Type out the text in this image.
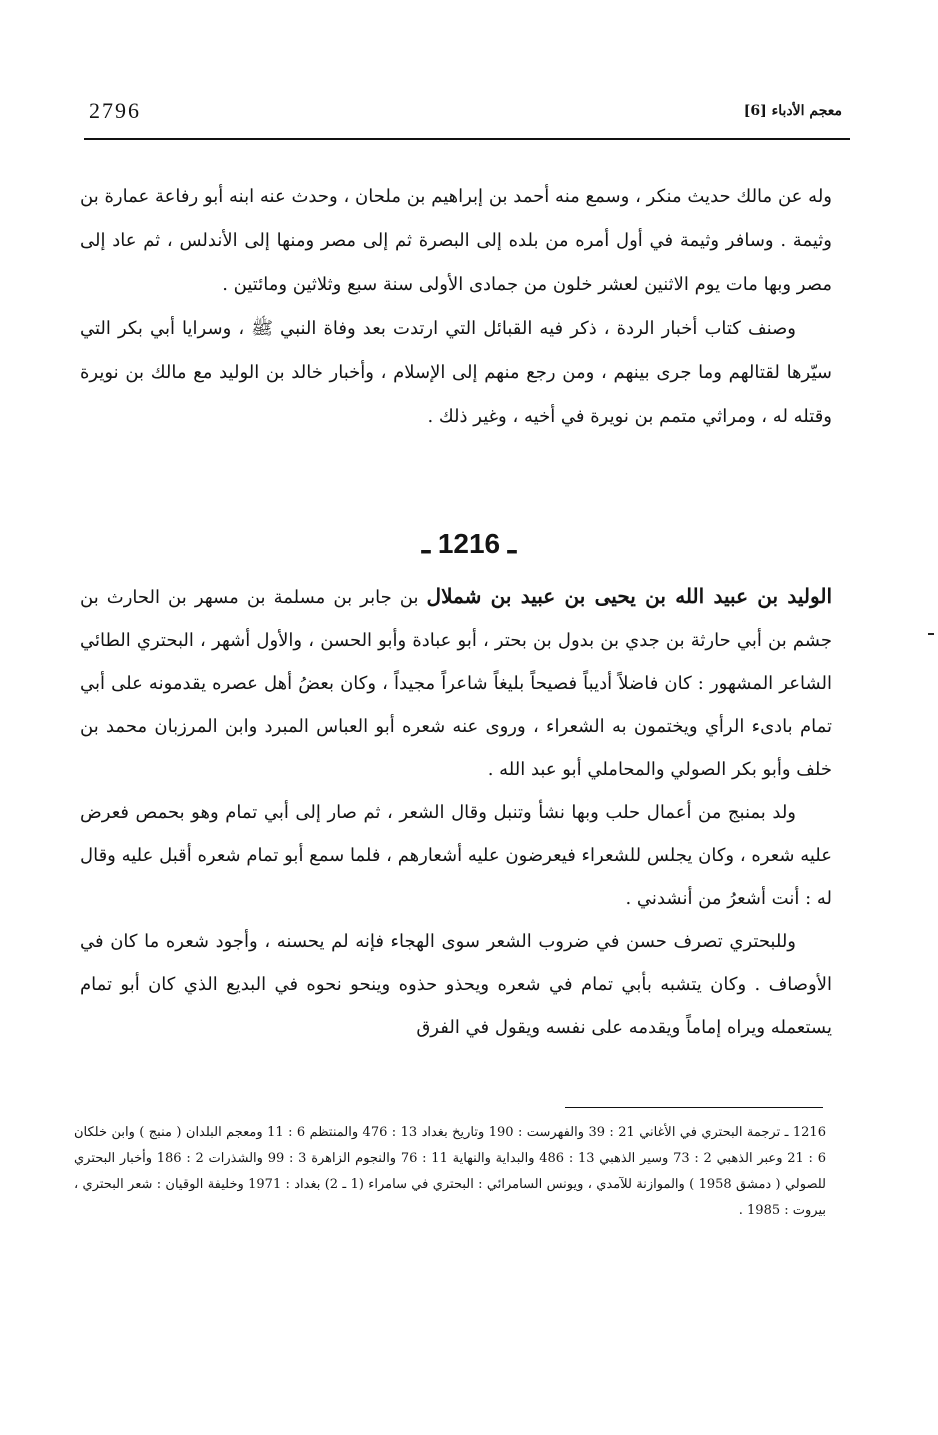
2796	معجم الأدباء [6]

وله عن مالك حديث منكر ، وسمع منه أحمد بن إبراهيم بن ملحان ، وحدث عنه ابنه أبو رفاعة عمارة بن وثيمة . وسافر وثيمة في أول أمره من بلده إلى البصرة ثم إلى مصر ومنها إلى الأندلس ، ثم عاد إلى مصر وبها مات يوم الاثنين لعشر خلون من جمادى الأولى سنة سبع وثلاثين ومائتين .

وصنف كتاب أخبار الردة ، ذكر فيه القبائل التي ارتدت بعد وفاة النبي ﷺ ، وسرايا أبي بكر التي سيّرها لقتالهم وما جرى بينهم ، ومن رجع منهم إلى الإسلام ، وأخبار خالد بن الوليد مع مالك بن نويرة وقتله له ، ومراثي متمم بن نويرة في أخيه ، وغير ذلك .

ـ 1216 ـ

الوليد بن عبيد الله بن يحيى بن عبيد بن شملال بن جابر بن مسلمة بن مسهر بن الحارث بن جشم بن أبي حارثة بن جدي بن بدول بن بحتر ، أبو عبادة وأبو الحسن ، والأول أشهر ، البحتري الطائي الشاعر المشهور : كان فاضلاً أديباً فصيحاً بليغاً شاعراً مجيداً ، وكان بعضُ أهل عصره يقدمونه على أبي تمام بادىء الرأي ويختمون به الشعراء ، وروى عنه شعره أبو العباس المبرد وابن المرزبان محمد بن خلف وأبو بكر الصولي والمحاملي أبو عبد الله .

ولد بمنبج من أعمال حلب وبها نشأ وتنبل وقال الشعر ، ثم صار إلى أبي تمام وهو بحمص فعرض عليه شعره ، وكان يجلس للشعراء فيعرضون عليه أشعارهم ، فلما سمع أبو تمام شعره أقبل عليه وقال له : أنت أشعرُ من أنشدني .

وللبحتري تصرف حسن في ضروب الشعر سوى الهجاء فإنه لم يحسنه ، وأجود شعره ما كان في الأوصاف . وكان يتشبه بأبي تمام في شعره ويحذو حذوه وينحو نحوه في البديع الذي كان أبو تمام يستعمله ويراه إماماً ويقدمه على نفسه ويقول في الفرق

1216 ـ ترجمة البحتري في الأغاني 21 : 39 والفهرست : 190 وتاريخ بغداد 13 : 476 والمنتظم 6 : 11 ومعجم البلدان ( منبج ) وابن خلكان 6 : 21 وعبر الذهبي 2 : 73 وسير الذهبي 13 : 486 والبداية والنهاية 11 : 76 والنجوم الزاهرة 3 : 99 والشذرات 2 : 186 وأخبار البحتري للصولي ( دمشق 1958 ) والموازنة للآمدي ، ويونس السامرائي : البحتري في سامراء (1 ـ 2) بغداد : 1971 وخليفة الوقيان : شعر البحتري ، بيروت : 1985 .
